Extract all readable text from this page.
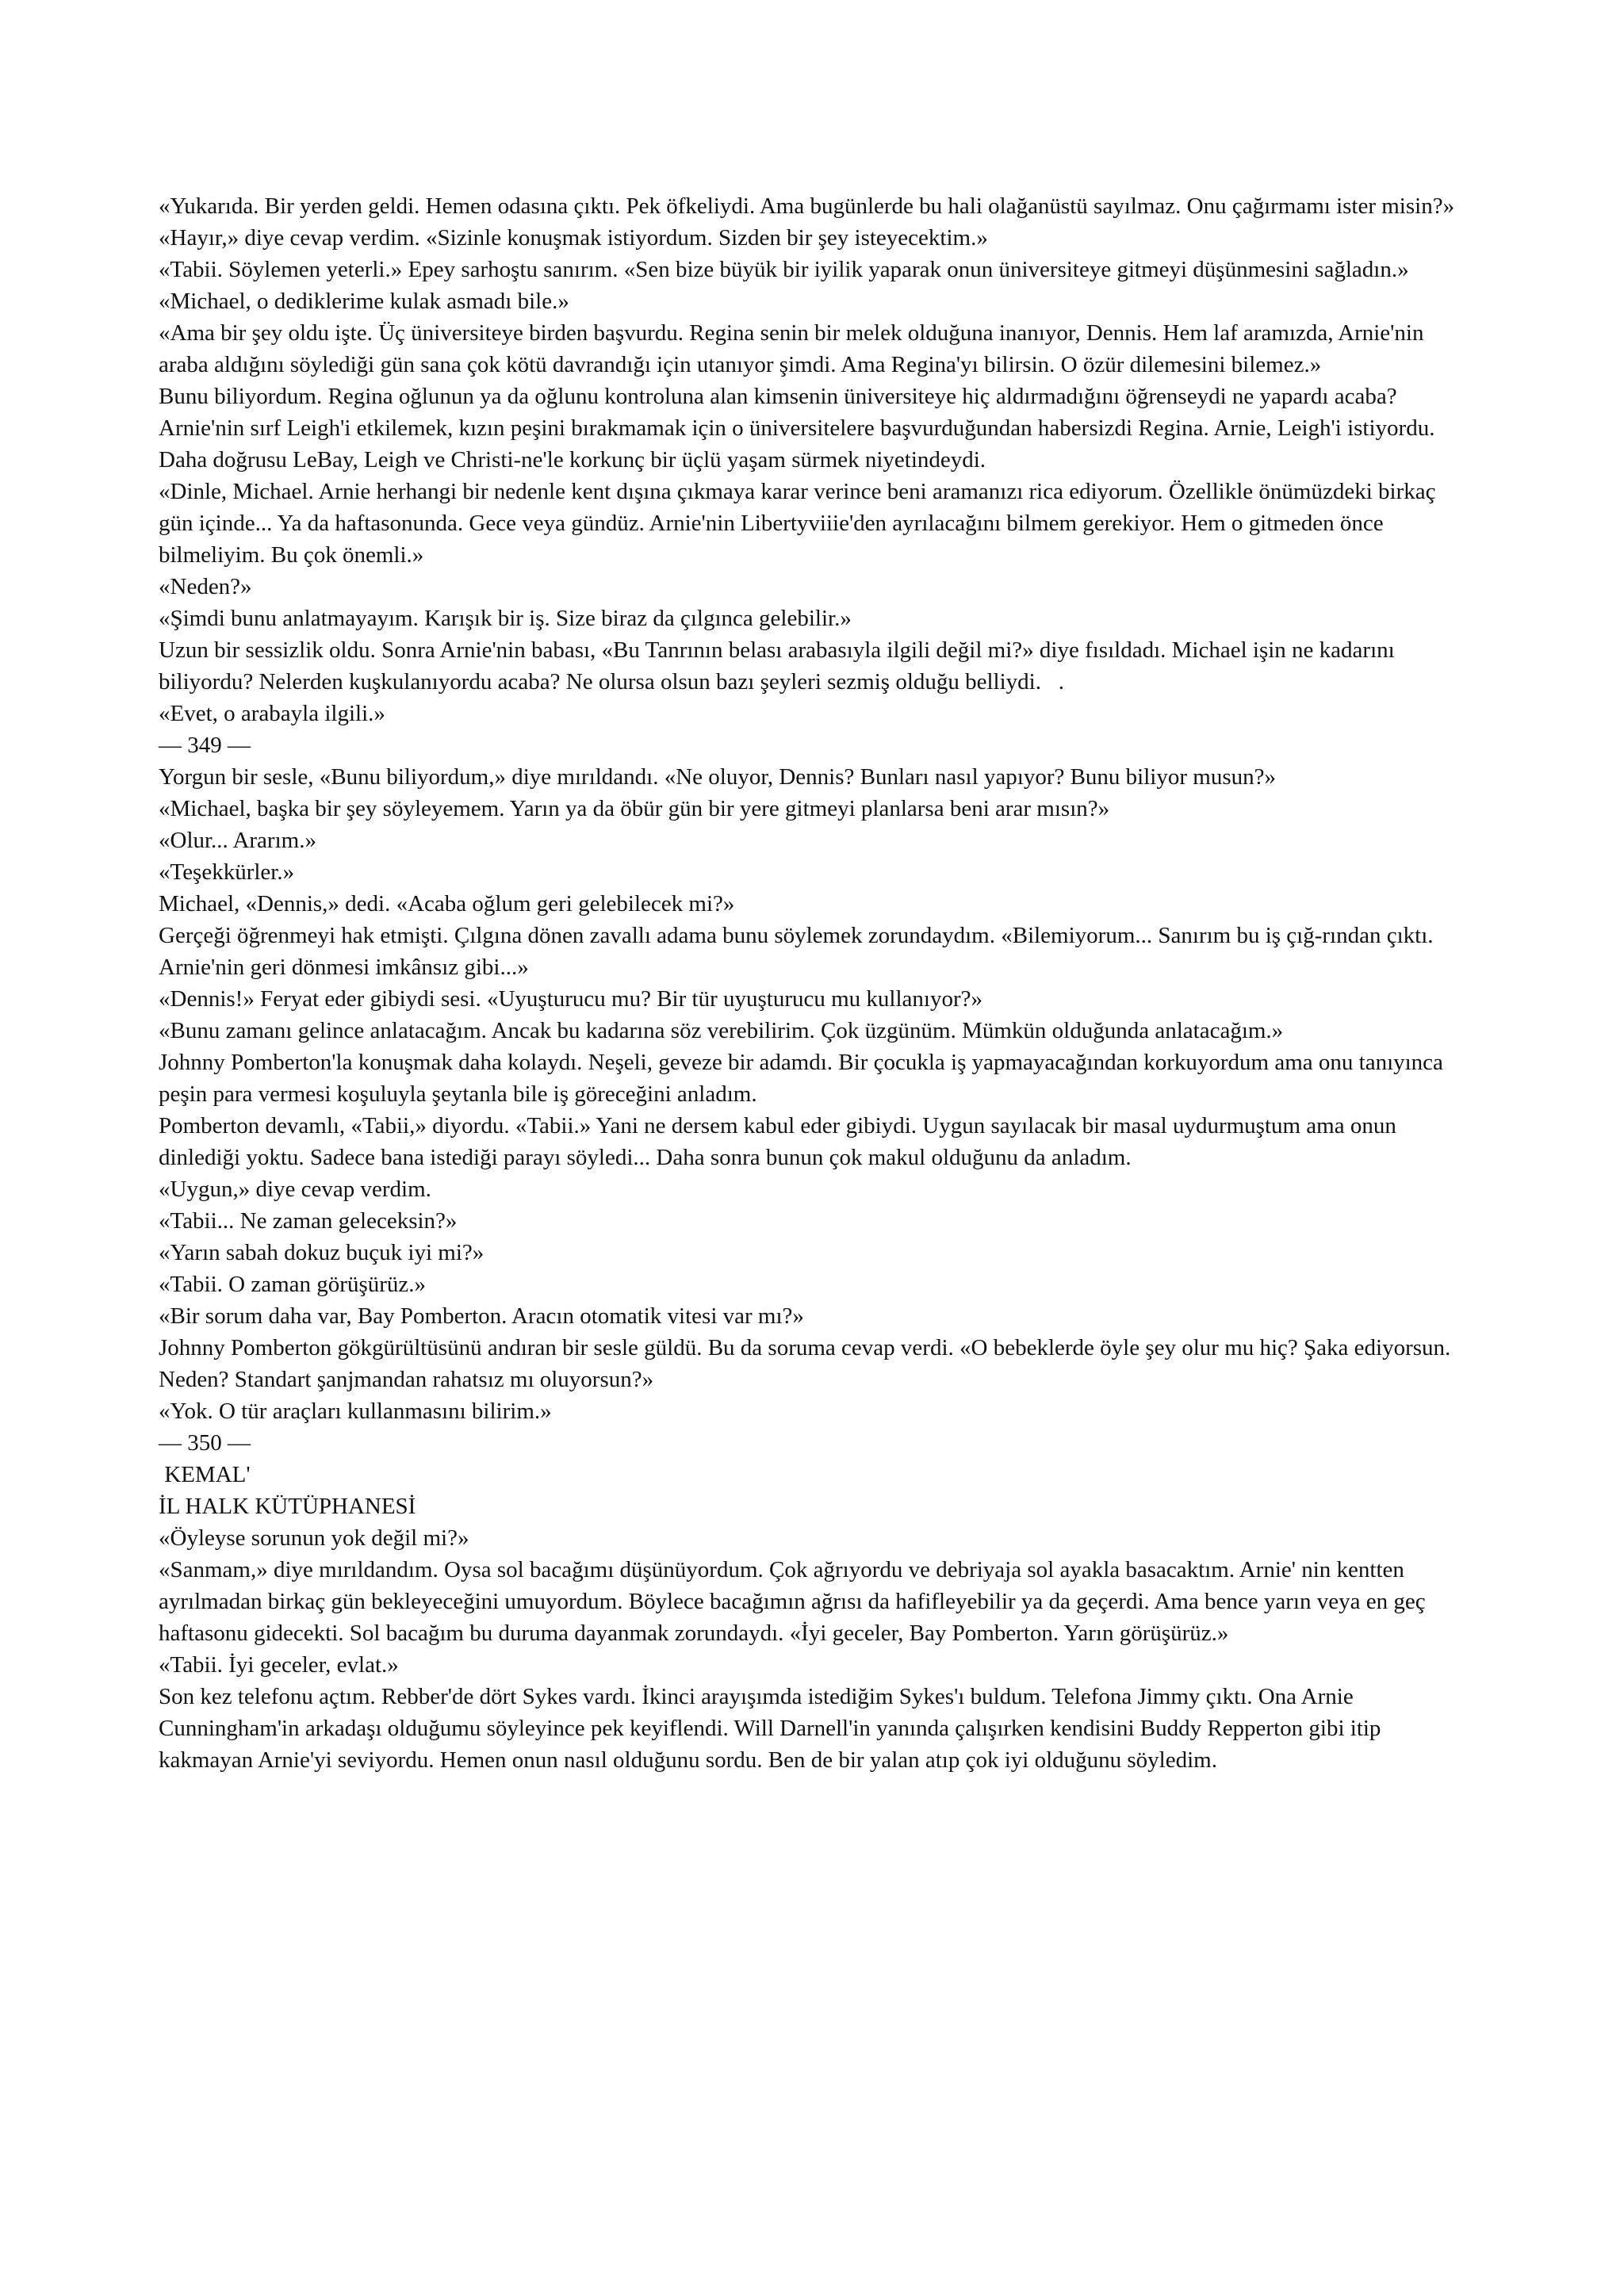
«Yukarıda. Bir yerden geldi. Hemen odasına çıktı. Pek öfkeliydi. Ama bugünlerde bu hali olağanüstü sayılmaz. Onu çağırmamı ister misin?»

«Hayır,» diye cevap verdim. «Sizinle konuşmak istiyordum. Sizden bir şey isteyecektim.»

«Tabii. Söylemen yeterli.» Epey sarhoştu sanırım. «Sen bize büyük bir iyilik yaparak onun üniversiteye gitmeyi düşünmesini sağladın.»

«Michael, o dediklerime kulak asmadı bile.»

«Ama bir şey oldu işte. Üç üniversiteye birden başvurdu. Regina senin bir melek olduğuna inanıyor, Dennis. Hem laf aramızda, Arnie'nin araba aldığını söylediği gün sana çok kötü davrandığı için utanıyor şimdi. Ama Regina'yı bilirsin. O özür dilemesini bilemez.»

Bunu biliyordum. Regina oğlunun ya da oğlunu kontroluna alan kimsenin üniversiteye hiç aldırmadığını öğrenseydi ne yapardı acaba? Arnie'nin sırf Leigh'i etkilemek, kızın peşini bırakmamak için o üniversitelere başvurduğundan habersizdi Regina. Arnie, Leigh'i istiyordu. Daha doğrusu LeBay, Leigh ve Christi-ne'le korkunç bir üçlü yaşam sürmek niyetindeydi.

«Dinle, Michael. Arnie herhangi bir nedenle kent dışına çıkmaya karar verince beni aramanızı rica ediyorum. Özellikle önümüzdeki birkaç gün içinde... Ya da haftasonunda. Gece veya gündüz. Arnie'nin Libertyviiie'den ayrılacağını bilmem gerekiyor. Hem o gitmeden önce bilmeliyim. Bu çok önemli.»

«Neden?»

«Şimdi bunu anlatmayayım. Karışık bir iş. Size biraz da çılgınca gelebilir.»

Uzun bir sessizlik oldu. Sonra Arnie'nin babası, «Bu Tanrının belası arabasıyla ilgili değil mi?» diye fısıldadı. Michael işin ne kadarını biliyordu? Nelerden kuşkulanıyordu acaba? Ne olursa olsun bazı şeyleri sezmiş olduğu belliydi.   .

«Evet, o arabayla ilgili.»

— 349 —

Yorgun bir sesle, «Bunu biliyordum,» diye mırıldandı. «Ne oluyor, Dennis? Bunları nasıl yapıyor? Bunu biliyor musun?»

«Michael, başka bir şey söyleyemem. Yarın ya da öbür gün bir yere gitmeyi planlarsa beni arar mısın?»

«Olur... Ararım.»

«Teşekkürler.»

Michael, «Dennis,» dedi. «Acaba oğlum geri gelebilecek mi?»

Gerçeği öğrenmeyi hak etmişti. Çılgına dönen zavallı adama bunu söylemek zorundaydım. «Bilemiyorum... Sanırım bu iş çığ-rından çıktı. Arnie'nin geri dönmesi imkânsız gibi...»

«Dennis!» Feryat eder gibiydi sesi. «Uyuşturucu mu? Bir tür uyuşturucu mu kullanıyor?»

«Bunu zamanı gelince anlatacağım. Ancak bu kadarına söz verebilirim. Çok üzgünüm. Mümkün olduğunda anlatacağım.»

Johnny Pomberton'la konuşmak daha kolaydı. Neşeli, geveze bir adamdı. Bir çocukla iş yapmayacağından korkuyordum ama onu tanıyınca peşin para vermesi koşuluyla şeytanla bile iş göreceğini anladım.

Pomberton devamlı, «Tabii,» diyordu. «Tabii.» Yani ne dersem kabul eder gibiydi. Uygun sayılacak bir masal uydurmuştum ama onun dinlediği yoktu. Sadece bana istediği parayı söyledi... Daha sonra bunun çok makul olduğunu da anladım.

«Uygun,» diye cevap verdim.

«Tabii... Ne zaman geleceksin?»

«Yarın sabah dokuz buçuk iyi mi?»

«Tabii. O zaman görüşürüz.»

«Bir sorum daha var, Bay Pomberton. Aracın otomatik vitesi var mı?»

Johnny Pomberton gökgürültüsünü andıran bir sesle güldü. Bu da soruma cevap verdi. «O bebeklerde öyle şey olur mu hiç? Şaka ediyorsun. Neden? Standart şanjmandan rahatsız mı oluyorsun?»

«Yok. O tür araçları kullanmasını bilirim.»

— 350 —

KEMAL'

İL HALK KÜTÜPHANESİ

«Öyleyse sorunun yok değil mi?»

«Sanmam,» diye mırıldandım. Oysa sol bacağımı düşünüyordum. Çok ağrıyordu ve debriyaja sol ayakla basacaktım. Arnie' nin kentten ayrılmadan birkaç gün bekleyeceğini umuyordum. Böylece bacağımın ağrısı da hafifleyebilir ya da geçerdi. Ama bence yarın veya en geç haftasonu gidecekti. Sol bacağım bu duruma dayanmak zorundaydı. «İyi geceler, Bay Pomberton. Yarın görüşürüz.»

«Tabii. İyi geceler, evlat.»

Son kez telefonu açtım. Rebber'de dört Sykes vardı. İkinci arayışımda istediğim Sykes'ı buldum. Telefona Jimmy çıktı. Ona Arnie Cunningham'in arkadaşı olduğumu söyleyince pek keyiflendi. Will Darnell'in yanında çalışırken kendisini Buddy Repperton gibi itip kakmayan Arnie'yi seviyordu. Hemen onun nasıl olduğunu sordu. Ben de bir yalan atıp çok iyi olduğunu söyledim.
